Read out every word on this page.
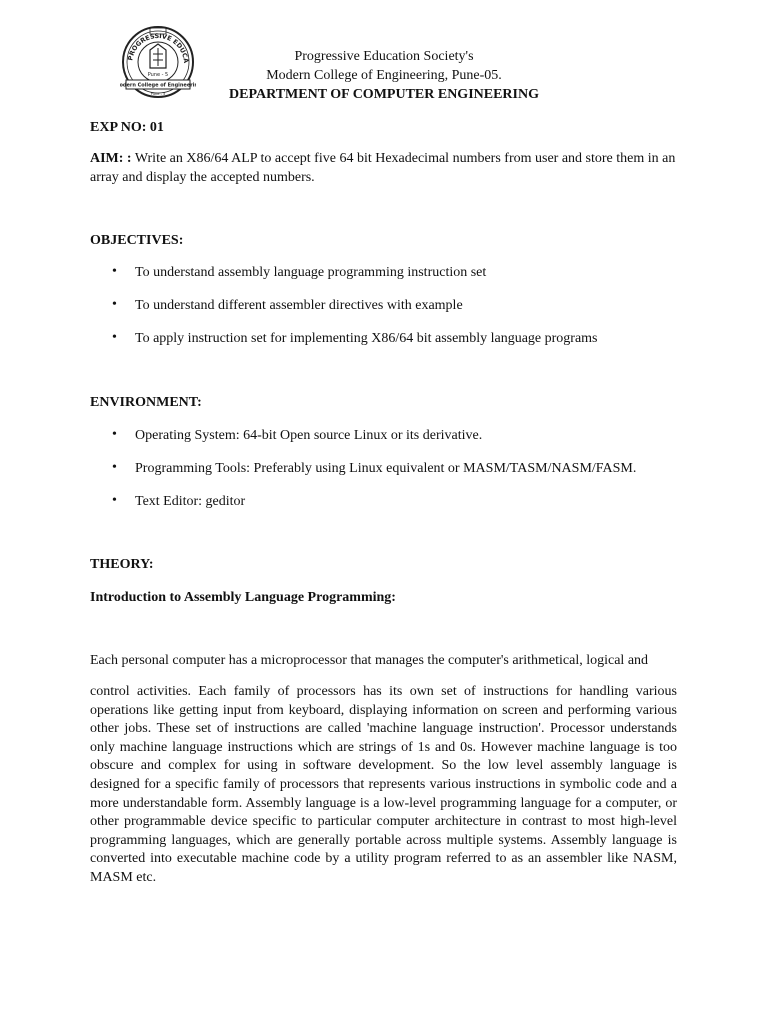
PROGRESSIVE EDUCA
Pune - 5
odern College of Engineeri
Pune - 5
Progressive Education Society's
Modern College of Engineering, Pune-05.
DEPARTMENT OF COMPUTER ENGINEERING
EXP NO: 01
AIM: : Write an X86/64 ALP to accept five 64 bit Hexadecimal numbers from user and store them in an
array and display the accepted numbers.
OBJECTIVES:
• To understand assembly language programming instruction set
• To understand different assembler directives with example
• To apply instruction set for implementing X86/64 bit assembly language programs
ENVIRONMENT:
• Operating System: 64-bit Open source Linux or its derivative.
• Programming Tools: Preferably using Linux equivalent or MASM/TASM/NASM/FASM.
• Text Editor: geditor
THEORY:
Introduction to Assembly Language Programming:
Each personal computer has a microprocessor that manages the computer's arithmetical, logical and
control activities. Each family of processors has its own set of instructions for handling various operations like getting input from keyboard, displaying information on screen and performing various other jobs. These set of instructions are called 'machine language instruction'. Processor understands only machine language instructions which are strings of 1s and 0s. However machine language is too obscure and complex for using in software development. So the low level assembly language is designed for a specific family of processors that represents various instructions in symbolic code and a more understandable form. Assembly language is a low-level programming language for a computer, or other programmable device specific to particular computer architecture in contrast to most high-level programming languages, which are generally portable across multiple systems. Assembly language is converted into executable machine code by a utility program referred to as an assembler like NASM, MASM etc.
